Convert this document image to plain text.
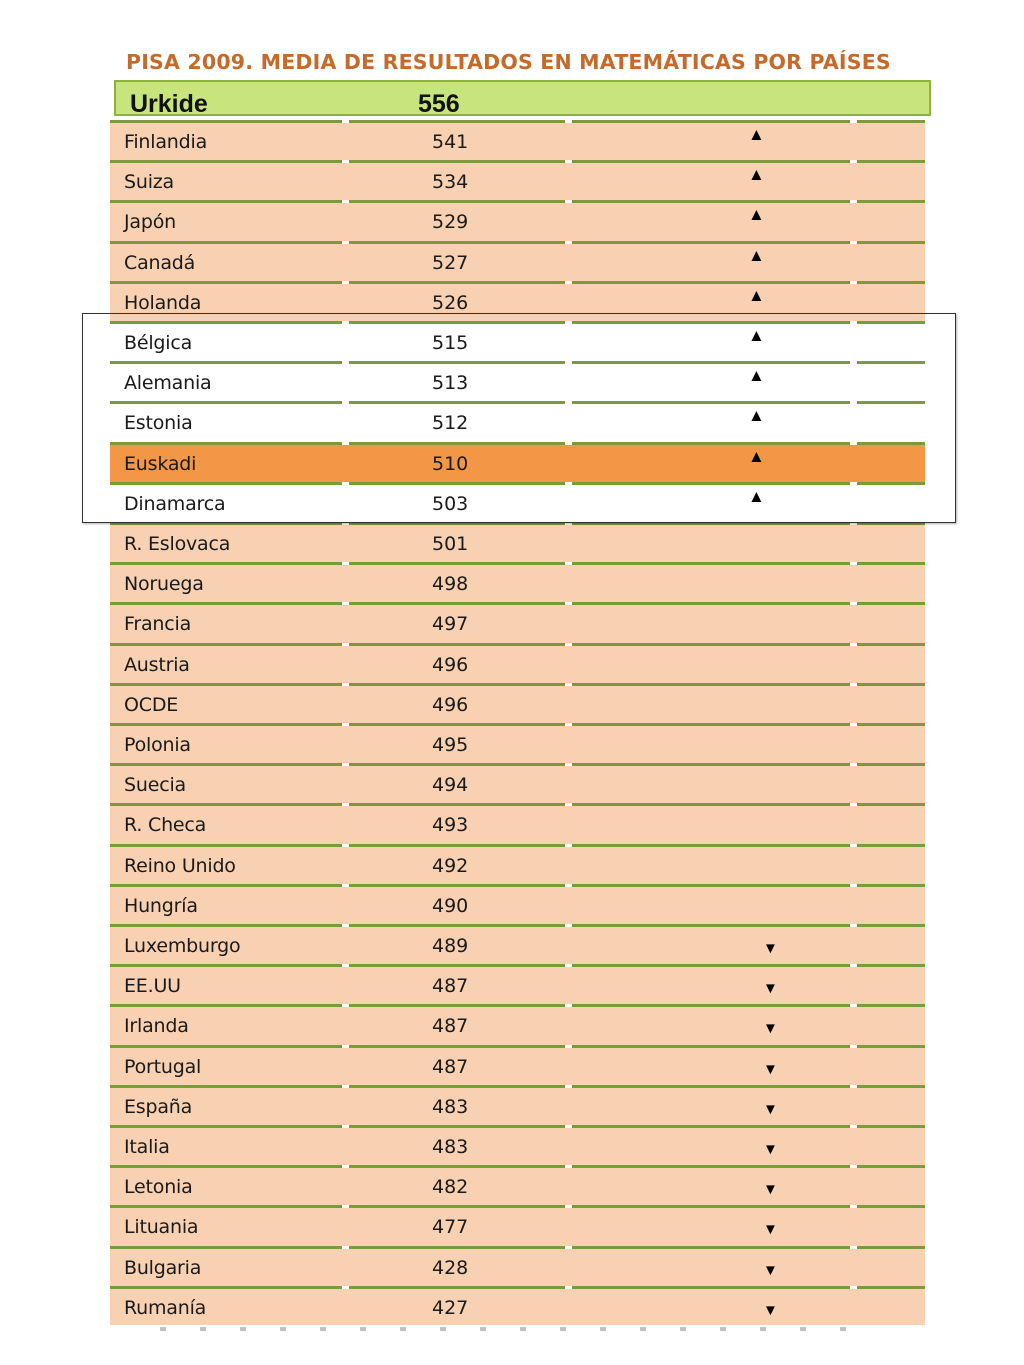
PISA 2009. MEDIA DE RESULTADOS EN MATEMÁTICAS POR PAÍSES
Urkide	556
Finlandia	541	▲
Suiza	534	▲
Japón	529	▲
Canadá	527	▲
Holanda	526	▲
Bélgica	515	▲
Alemania	513	▲
Estonia	512	▲
Euskadi	510	▲
Dinamarca	503	▲
R. Eslovaca	501
Noruega	498
Francia	497
Austria	496
OCDE	496
Polonia	495
Suecia	494
R. Checa	493
Reino Unido	492
Hungría	490
Luxemburgo	489	▼
EE.UU	487	▼
Irlanda	487	▼
Portugal	487	▼
España	483	▼
Italia	483	▼
Letonia	482	▼
Lituania	477	▼
Bulgaria	428	▼
Rumanía	427	▼
